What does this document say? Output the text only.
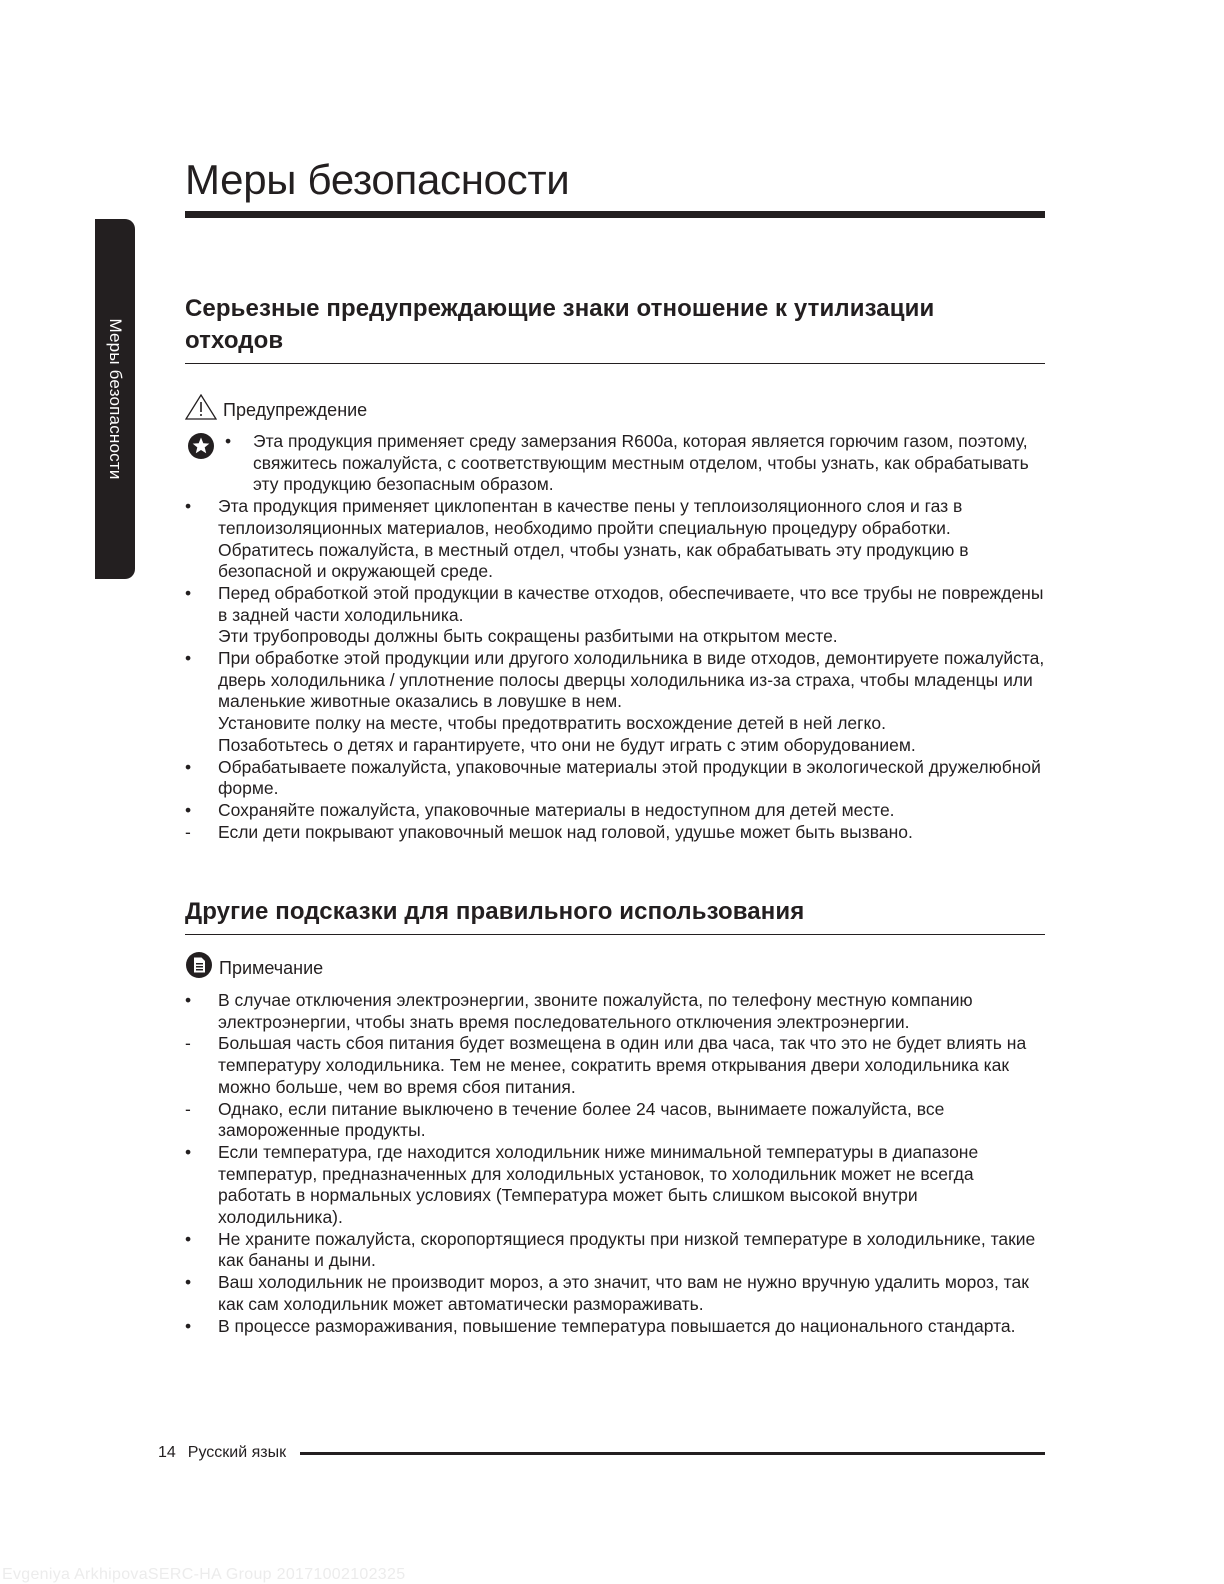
Меры безопасности
Меры безопасности
Серьезные предупреждающие знаки отношение к утилизации отходов
Предупреждение
•	Эта продукция применяет среду замерзания R600a, которая является горючим газом, поэтому, свяжитесь пожалуйста, с соответствующим местным отделом, чтобы узнать, как обрабатывать эту продукцию безопасным образом.
•	Эта продукция применяет циклопентан в качестве пены у теплоизоляционного слоя и газ в теплоизоляционных материалов, необходимо пройти специальную процедуру обработки. Обратитесь пожалуйста, в местный отдел, чтобы узнать, как обрабатывать эту продукцию в безопасной и окружающей среде.
•	Перед обработкой этой продукции в качестве отходов, обеспечиваете, что все трубы не повреждены в задней части холодильника.
Эти трубопроводы должны быть сокращены разбитыми на открытом месте.
•	При обработке этой продукции или другого холодильника в виде отходов, демонтируете пожалуйста, дверь холодильника / уплотнение полосы дверцы холодильника из-за страха, чтобы младенцы или маленькие животные оказались в ловушке в нем.
Установите полку на месте, чтобы предотвратить восхождение детей в ней легко.
Позаботьтесь о детях и гарантируете, что они не будут играть с этим оборудованием.
•	Обрабатываете пожалуйста, упаковочные материалы этой продукции в экологической дружелюбной форме.
•	Сохраняйте пожалуйста, упаковочные материалы в недоступном для детей месте.
-	Если дети покрывают упаковочный мешок над головой, удушье может быть вызвано.
Другие подсказки для правильного использования
Примечание
•	В случае отключения электроэнергии, звоните пожалуйста, по телефону местную компанию электроэнергии, чтобы знать время последовательного отключения электроэнергии.
-	Большая часть сбоя питания будет возмещена в один или два часа, так что это не будет влиять на температуру холодильника. Тем не менее, сократить время открывания двери холодильника как можно больше, чем во время сбоя питания.
-	Однако, если питание выключено в течение более 24 часов, вынимаете пожалуйста, все замороженные продукты.
•	Если температура, где находится холодильник ниже минимальной температуры в диапазоне температур, предназначенных для холодильных установок, то холодильник может не всегда работать в нормальных условиях (Температура может быть слишком высокой внутри холодильника).
•	Не храните пожалуйста, скоропортящиеся продукты при низкой температуре в холодильнике, такие как бананы и дыни.
•	Ваш холодильник не производит мороз, а это значит, что вам не нужно вручную удалить мороз, так как сам холодильник может автоматически размораживать.
•	В процессе размораживания, повышение температура повышается до национального стандарта.
14 Русский язык
Evgeniya ArkhipovaSERC-HA Group 20171002102325
